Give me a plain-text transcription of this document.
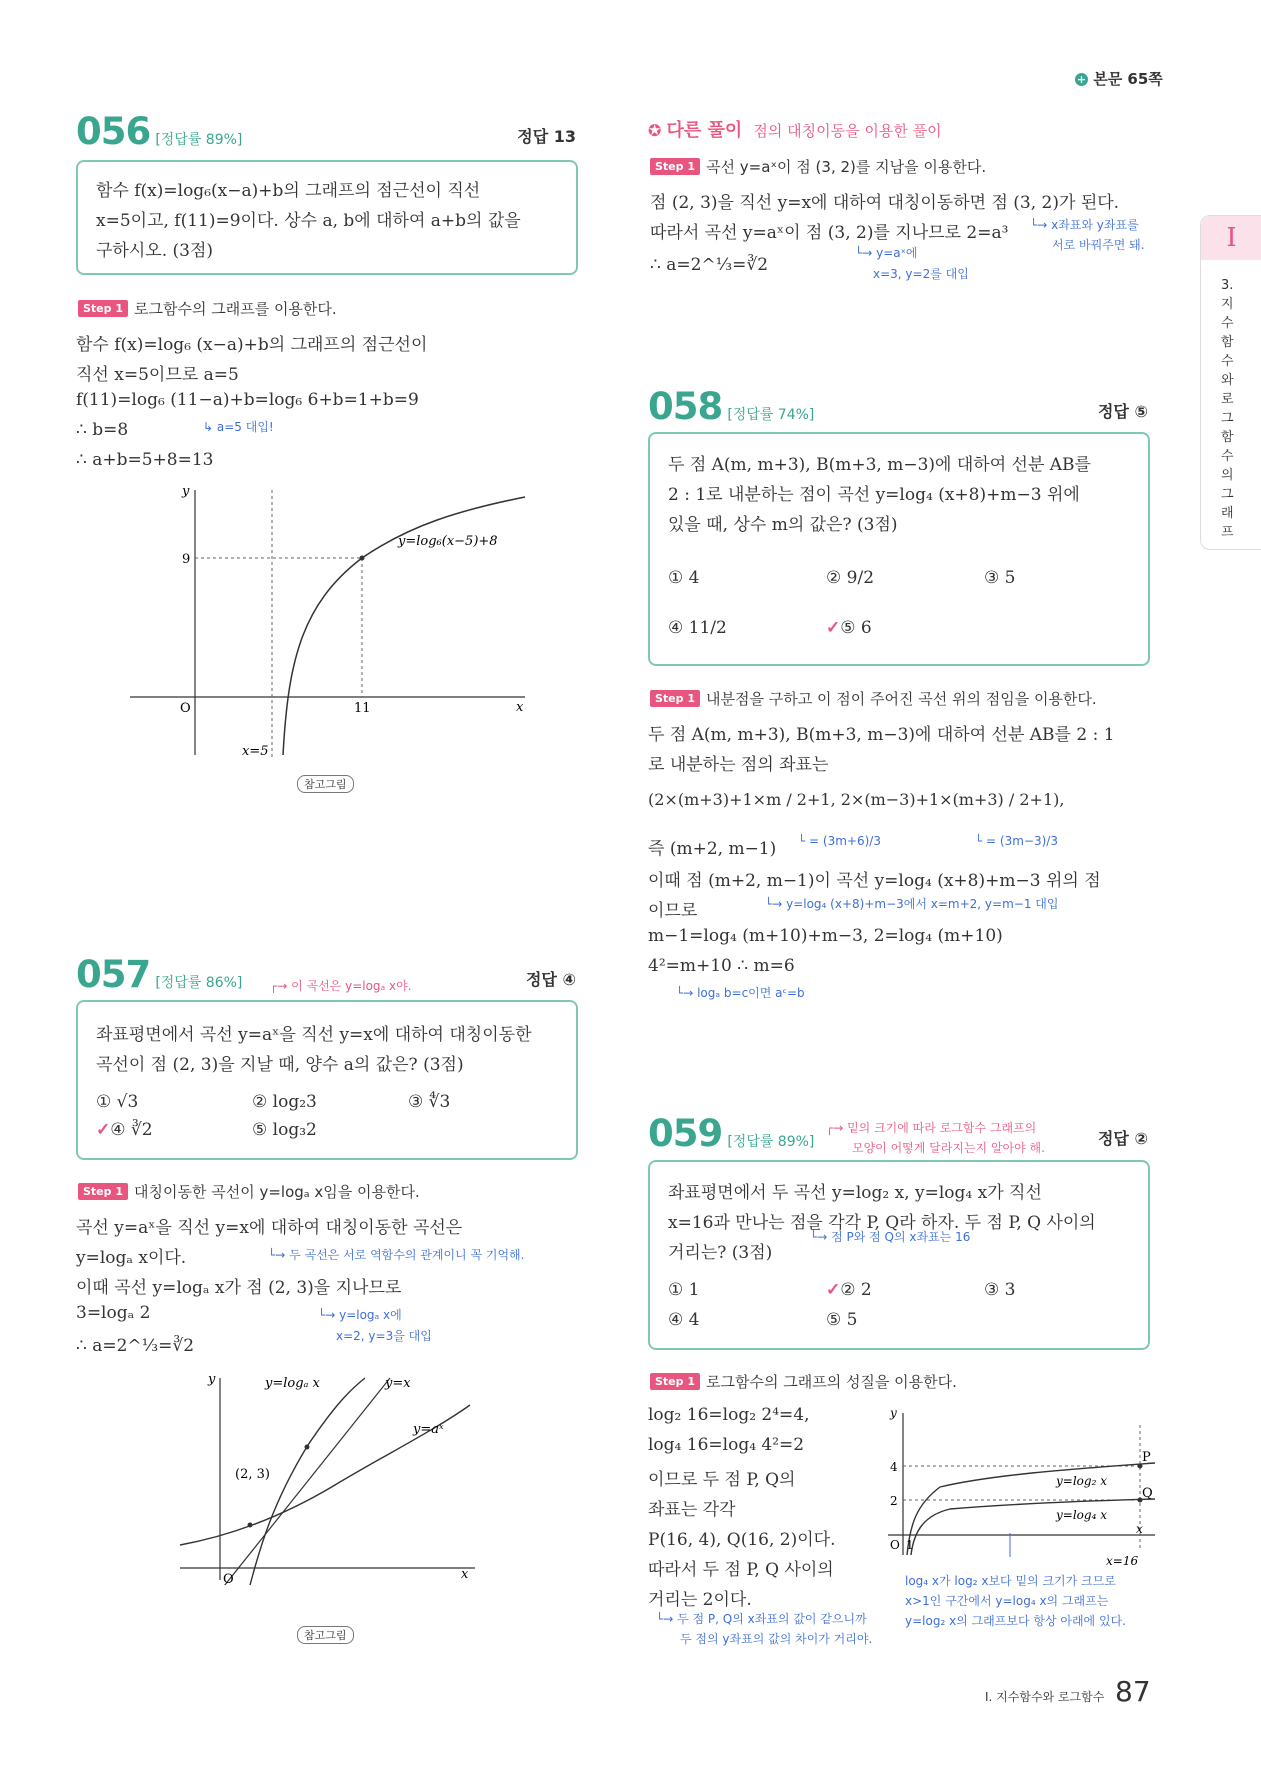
+ 본문 65쪽
I
3. 지수함수와 로그함수의 그래프
056 [정답률 89%]	정답 13
함수 f(x)=log₆(x−a)+b의 그래프의 점근선이 직선
x=5이고, f(11)=9이다. 상수 a, b에 대하여 a+b의 값을
구하시오. (3점)
Step 1 로그함수의 그래프를 이용한다.
함수 f(x)=log₆ (x−a)+b의 그래프의 점근선이
직선 x=5이므로 a=5
f(11)=log₆ (11−a)+b=log₆ 6+b=1+b=9
∴ b=8
∴ a+b=5+8=13
↳ a=5 대입!
y
x
O
9
11
x=5
y=log₆(x−5)+8
참고그림
057 [정답률 86%]	정답 ④
┌→ 이 곡선은 y=logₐ x야.
좌표평면에서 곡선 y=aˣ을 직선 y=x에 대하여 대칭이동한
곡선이 점 (2, 3)을 지날 때, 양수 a의 값은? (3점)
① √3	② log₂3	③ ∜3
✓④ ∛2	⑤ log₃2
Step 1 대칭이동한 곡선이 y=logₐ x임을 이용한다.
곡선 y=aˣ을 직선 y=x에 대하여 대칭이동한 곡선은
y=logₐ x이다.
이때 곡선 y=logₐ x가 점 (2, 3)을 지나므로
3=logₐ 2
∴ a=2^⅓=∛2
└→ 두 곡선은 서로 역함수의 관계이니 꼭 기억해.
└→ y=logₐ x에
x=2, y=3을 대입
y
x
O
y=logₐ x	y=x
y=aˣ
(2, 3)
참고그림
✪ 다른 풀이 점의 대칭이동을 이용한 풀이
Step 1 곡선 y=aˣ이 점 (3, 2)를 지남을 이용한다.
점 (2, 3)을 직선 y=x에 대하여 대칭이동하면 점 (3, 2)가 된다.
따라서 곡선 y=aˣ이 점 (3, 2)를 지나므로 2=a³
∴ a=2^⅓=∛2
└→ x좌표와 y좌표를
서로 바꿔주면 돼.
└→ y=aˣ에
x=3, y=2를 대입
058 [정답률 74%]	정답 ⑤
두 점 A(m, m+3), B(m+3, m−3)에 대하여 선분 AB를
2 : 1로 내분하는 점이 곡선 y=log₄ (x+8)+m−3 위에
있을 때, 상수 m의 값은? (3점)
① 4	② 9/2	③ 5
④ 11/2	✓⑤ 6
Step 1 내분점을 구하고 이 점이 주어진 곡선 위의 점임을 이용한다.
두 점 A(m, m+3), B(m+3, m−3)에 대하여 선분 AB를 2 : 1
로 내분하는 점의 좌표는
(2×(m+3)+1×m / 2+1, 2×(m−3)+1×(m+3) / 2+1),
즉 (m+2, m−1) └ = (3m+6)/3	└ = (3m−3)/3
이때 점 (m+2, m−1)이 곡선 y=log₄ (x+8)+m−3 위의 점
이므로	└→ y=log₄ (x+8)+m−3에서 x=m+2, y=m−1 대입
m−1=log₄ (m+10)+m−3, 2=log₄ (m+10)
4²=m+10 ∴ m=6
└→ logₐ b=c이면 aᶜ=b
059 [정답률 89%]	정답 ②
┌→ 밑의 크기에 따라 로그함수 그래프의
모양이 어떻게 달라지는지 알아야 해.
좌표평면에서 두 곡선 y=log₂ x, y=log₄ x가 직선
x=16과 만나는 점을 각각 P, Q라 하자. 두 점 P, Q 사이의
거리는? (3점)
└→ 점 P와 점 Q의 x좌표는 16
① 1	✓② 2	③ 3
④ 4	⑤ 5
Step 1 로그함수의 그래프의 성질을 이용한다.
log₂ 16=log₂ 2⁴=4,
log₄ 16=log₄ 4²=2
이므로 두 점 P, Q의
좌표는 각각
P(16, 4), Q(16, 2)이다.
따라서 두 점 P, Q 사이의
거리는 2이다.
└→ 두 점 P, Q의 x좌표의 값이 같으니까
두 점의 y좌표의 값의 차이가 거리야.
y
x
O 1
4
2
P
Q
y=log₂ x
y=log₄ x
x=16
log₄ x가 log₂ x보다 밑의 크기가 크므로
x>1인 구간에서 y=log₄ x의 그래프는
y=log₂ x의 그래프보다 항상 아래에 있다.
Ⅰ. 지수함수와 로그함수 87
